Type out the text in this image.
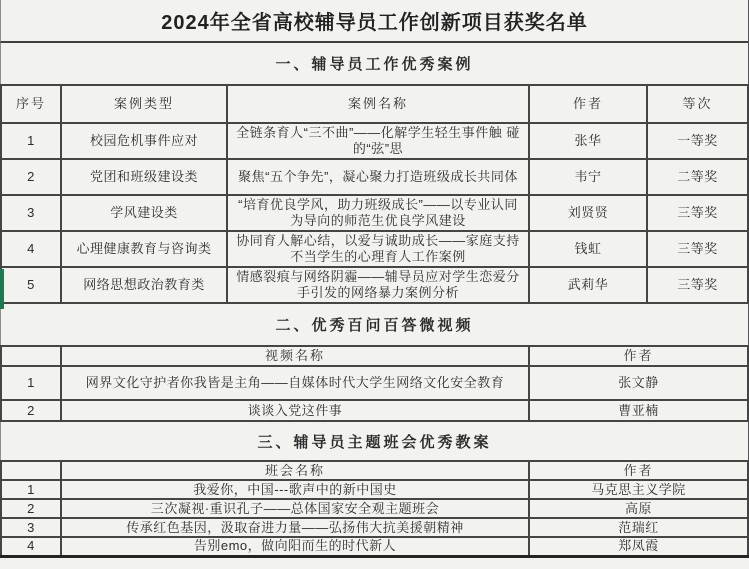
2024年全省高校辅导员工作创新项目获奖名单
一、辅导员工作优秀案例
序号	案例类型	案例名称	作者	等次
1	校园危机事件应对	全链条育人“三不曲”——化解学生轻生事件触 碰的“弦”思	张华	一等奖
2	党团和班级建设类	聚焦“五个争先”，凝心聚力打造班级成长共同体	韦宁	二等奖
3	学风建设类	“培育优良学风，助力班级成长”——以专业认同为导向的师范生优良学风建设	刘贤贤	三等奖
4	心理健康教育与咨询类	协同育人解心结，以爱与诚助成长——家庭支持不当学生的心理育人工作案例	钱虹	三等奖
5	网络思想政治教育类	情感裂痕与网络阴霾——辅导员应对学生恋爱分手引发的网络暴力案例分析	武莉华	三等奖
二、优秀百问百答微视频
	视频名称	作者
1	网界文化守护者你我皆是主角——自媒体时代大学生网络文化安全教育	张文静
2	谈谈入党这件事	曹亚楠
三、辅导员主题班会优秀教案
	班会名称	作者
1	我爱你，中国---歌声中的新中国史	马克思主义学院
2	三次凝视·重识孔子——总体国家安全观主题班会	高原
3	传承红色基因，汲取奋进力量——弘扬伟大抗美援朝精神	范瑞红
4	告别emo，做向阳而生的时代新人	郑凤霞
